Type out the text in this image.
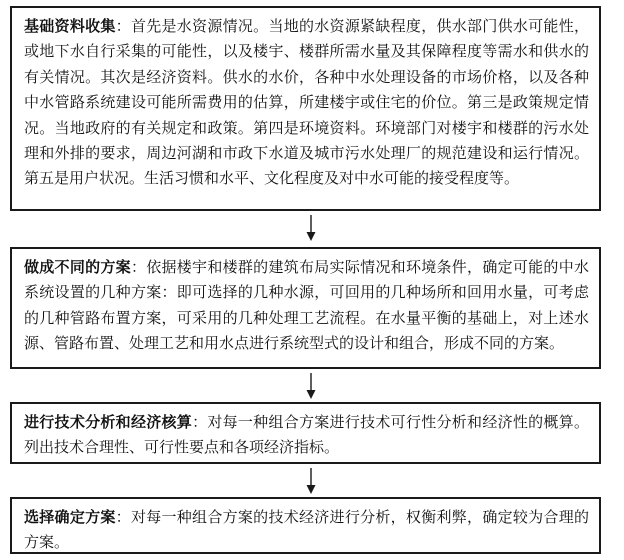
基础资料收集：首先是水资源情况。当地的水资源紧缺程度，供水部门供水可能性，或地下水自行采集的可能性，以及楼宇、楼群所需水量及其保障程度等需水和供水的有关情况。其次是经济资料。供水的水价，各种中水处理设备的市场价格，以及各种中水管路系统建设可能所需费用的估算，所建楼宇或住宅的价位。第三是政策规定情况。当地政府的有关规定和政策。第四是环境资料。环境部门对楼宇和楼群的污水处理和外排的要求，周边河湖和市政下水道及城市污水处理厂的规范建设和运行情况。第五是用户状况。生活习惯和水平、文化程度及对中水可能的接受程度等。
做成不同的方案：依据楼宇和楼群的建筑布局实际情况和环境条件，确定可能的中水系统设置的几种方案：即可选择的几种水源，可回用的几种场所和回用水量，可考虑的几种管路布置方案，可采用的几种处理工艺流程。在水量平衡的基础上，对上述水源、管路布置、处理工艺和用水点进行系统型式的设计和组合，形成不同的方案。
进行技术分析和经济核算：对每一种组合方案进行技术可行性分析和经济性的概算。列出技术合理性、可行性要点和各项经济指标。
选择确定方案：对每一种组合方案的技术经济进行分析，权衡利弊，确定较为合理的方案。
